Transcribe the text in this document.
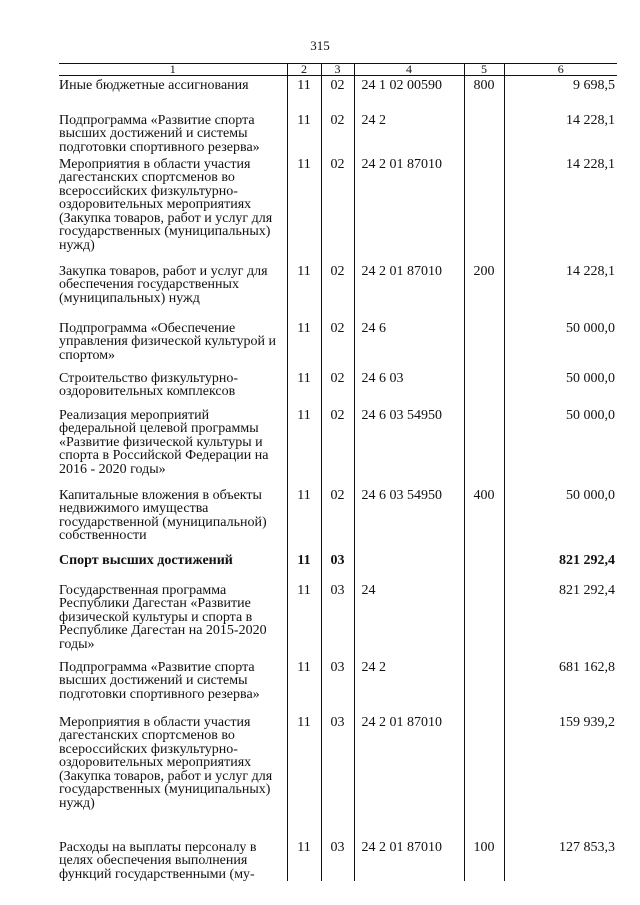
315
1	2	3	4	5	6
Иные бюджетные ассигнования	11	02	24 1 02 00590	800	9 698,5
Подпрограмма «Развитие спорта высших достижений и системы подготовки спортивного резерва»	11	02	24 2		14 228,1
Мероприятия в области участия дагестанских спортсменов во всероссийских физкультурно-оздоровительных мероприятиях (Закупка товаров, работ и услуг для государственных (муниципальных) нужд)	11	02	24 2 01 87010		14 228,1
Закупка товаров, работ и услуг для обеспечения государственных (муниципальных) нужд	11	02	24 2 01 87010	200	14 228,1
Подпрограмма «Обеспечение управления физической культурой и спортом»	11	02	24 6		50 000,0
Строительство физкультурно-оздоровительных комплексов	11	02	24 6 03		50 000,0
Реализация мероприятий федеральной целевой программы «Развитие физической культуры и спорта в Российской Федерации на 2016 - 2020 годы»	11	02	24 6 03 54950		50 000,0
Капитальные вложения в объекты недвижимого имущества государственной (муниципальной) собственности	11	02	24 6 03 54950	400	50 000,0
Спорт высших достижений	11	03			821 292,4
Государственная программа Республики Дагестан «Развитие физической культуры и спорта в Республике Дагестан на 2015-2020 годы»	11	03	24		821 292,4
Подпрограмма «Развитие спорта высших достижений и системы подготовки спортивного резерва»	11	03	24 2		681 162,8
Мероприятия в области участия дагестанских спортсменов во всероссийских физкультурно-оздоровительных мероприятиях (Закупка товаров, работ и услуг для государственных (муниципальных) нужд)	11	03	24 2 01 87010		159 939,2
Расходы на выплаты персоналу в целях обеспечения выполнения функций государственными (му-	11	03	24 2 01 87010	100	127 853,3
